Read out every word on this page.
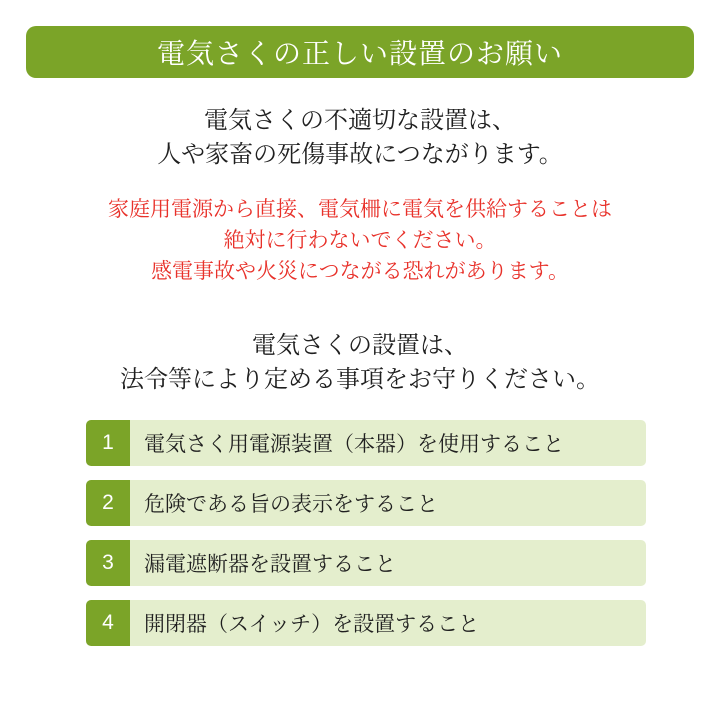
電気さくの正しい設置のお願い
電気さくの不適切な設置は、
人や家畜の死傷事故につながります。
家庭用電源から直接、電気柵に電気を供給することは
絶対に行わないでください。
感電事故や火災につながる恐れがあります。
電気さくの設置は、
法令等により定める事項をお守りください。
1	電気さく用電源装置（本器）を使用すること
2	危険である旨の表示をすること
3	漏電遮断器を設置すること
4	開閉器（スイッチ）を設置すること
